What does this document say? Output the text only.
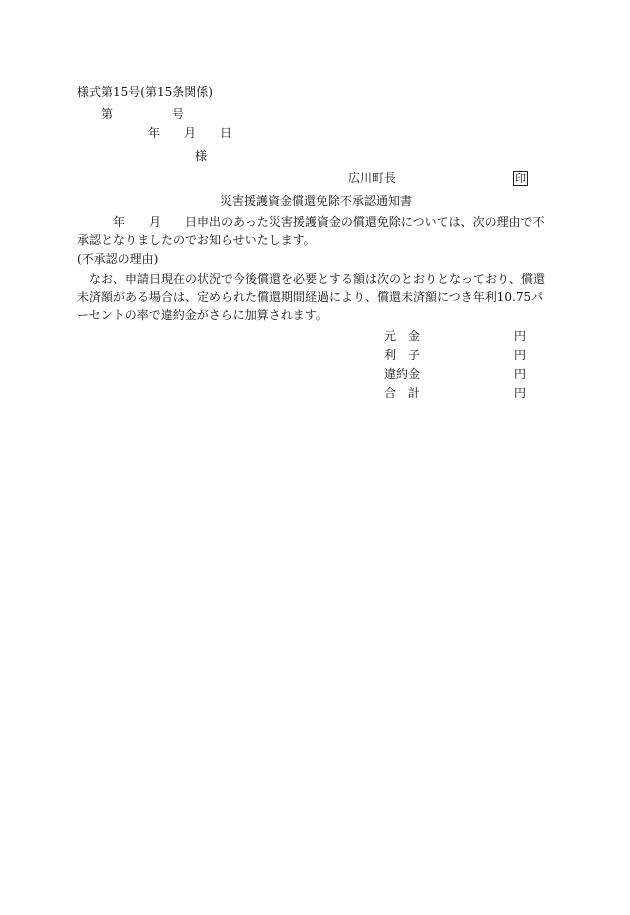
様式第15号(第15条関係)
第	号
年 月 日
様
広川町長	印
災害援護資金償還免除不承認通知書
年　　月　　日申出のあった災害援護資金の償還免除については、次の理由で不承認となりましたのでお知らせいたします。
(不承認の理由)
なお、申請日現在の状況で今後償還を必要とする額は次のとおりとなっており、償還未済額がある場合は、定められた償還期間経過により、償還未済額につき年利10.75パーセントの率で違約金がさらに加算されます。
元　金	円
利　子	円
違約金	円
合　計	円
